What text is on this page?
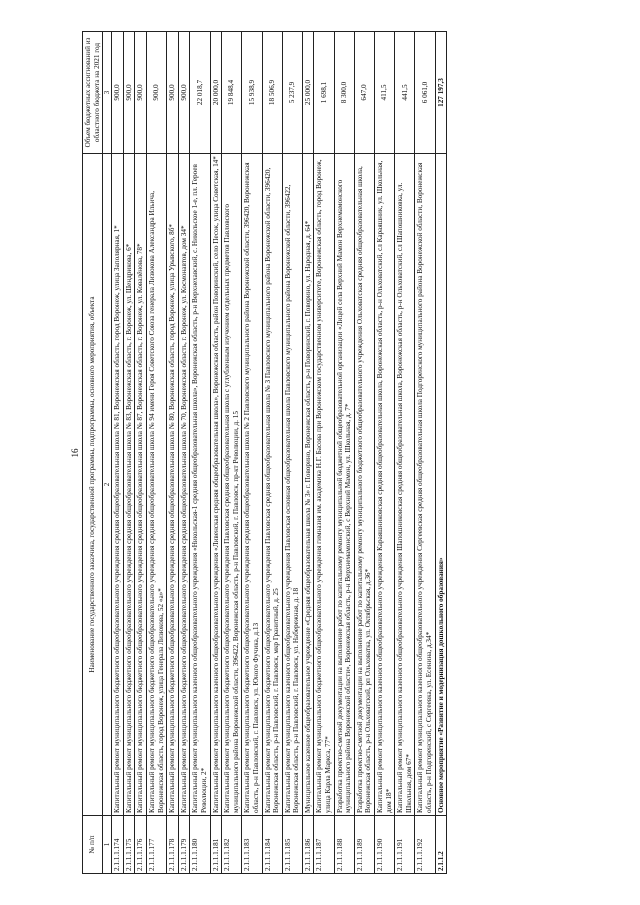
16
№ п/п	Наименование государственного заказчика, государственной программы, подпрограммы, основного мероприятия, объекта	Объем бюджетных ассигнований из областного бюджета на 2021 год
1	2	3
2.1.1.1.174	Капитальный ремонт муниципального бюджетного общеобразовательного учреждения средняя общеобразовательная школа № 81, Воронежская область, город Воронеж, улица Заполярная, 1*	900,0
2.1.1.1.175	Капитальный ремонт муниципального бюджетного общеобразовательного учреждения средняя общеобразовательная школа № 83, Воронежская область, г. Воронеж, ул. Шендрикова, 6*	900,0
2.1.1.1.176	Капитальный ремонт муниципального бюджетного общеобразовательного учреждения средняя общеобразовательная школа № 87, Воронежская область, г. Воронеж, ул. Ковалёнова, 78*	900,0
2.1.1.1.177	Капитальный ремонт муниципального бюджетного общеобразовательного учреждения средняя общеобразовательная школа № 94 имени Героя Советского Союза генерала Лизюкова Александра Ильича, Воронежская область, город Воронеж, улица Генерала Лизюкова, 52 «а»*	900,0
2.1.1.1.178	Капитальный ремонт муниципального бюджетного общеобразовательного учреждения средняя общеобразовательная школа № 80, Воронежская область, город Воронеж, улица Урывского, 8б*	900,0
2.1.1.1.179	Капитальный ремонт муниципального бюджетного общеобразовательного учреждения средняя общеобразовательная школа № 70, Воронежская область, г. Воронеж, ул. Космонавтов, дом 34*	900,0
2.1.1.1.180	Капитальный ремонт муниципального казенного общеобразовательного учреждения «Никольская-1 средняя общеобразовательная школа», Воронежская область, р-н Верхнехавский, с. Никольское 1-е, пл. Героев Революции, 2*	22 018,7
2.1.1.1.181	Капитальный ремонт муниципального казенного общеобразовательного учреждения «Ливенская средняя общеобразовательная школа», Воронежская область, район Поворинский, село Песок, улица Советская, 14*	20 000,0
2.1.1.1.182	Капитальный ремонт муниципального бюджетного общеобразовательного учреждения Павловская средняя общеобразовательная школа с углубленным изучением отдельных предметов Павловского муниципального района Воронежской области, 396422, Воронежская область, р-н Павловский, г. Павловск, пр-кт Революции, д. 15	19 848,4
2.1.1.1.183	Капитальный ремонт муниципального бюджетного общеобразовательного учреждения средняя общеобразовательная школа № 2 Павловского муниципального района Воронежской области, 396420, Воронежская область, р-н Павловский, г. Павловск, ул. Юного Фучика, д.13	15 938,9
2.1.1.1.184	Капитальный ремонт муниципального бюджетного общеобразовательного учреждения Павловская средняя общеобразовательная школа № 3 Павловского муниципального района Воронежской области, 396420, Воронежская область, р-н Павловский, г. Павловск, мкр Гранитный, д. 25	18 506,9
2.1.1.1.185	Капитальный ремонт муниципального казенного общеобразовательного учреждения Павловская основная общеобразовательная школа Павловского муниципального района Воронежской области, 396422, Воронежская область, р-н Павловский, г. Павловск, ул. Набережная, д. 18	5 237,9
2.1.1.1.186	Муниципальное казенное общеобразовательное учреждение «Средняя общеобразовательная школа № 3» г. Поворино, Воронежская область, р-н Поворинский, г. Поворино, ул. Народная, д. 64*	25 000,0
2.1.1.1.187	Капитальный ремонт муниципального бюджетного общеобразовательного учреждения гимназия им. академика Н.Г. Басова при Воронежском государственном университете, Воронежская область, город Воронеж, улица Карла Маркса, 77*	1 698,1
2.1.1.1.188	Разработка проектно-сметной документации на выполнение работ по капитальному ремонту муниципальной бюджетной общеобразовательной организации «Лицей села Верхний Мамон Верхнемамонского муниципального района Воронежской области», Воронежская область, р-н Верхнемамонский, с Верхний Мамон, ул. Школьная, д. 7*	8 300,0
2.1.1.1.189	Разработка проектно-сметной документации на выполнение работ по капитальному ремонту муниципального бюджетного общеобразовательного учреждения Ольховатская средняя общеобразовательная школа, Воронежская область, р-н Ольховатский, рп Ольховатка, ул. Октябрьская, д.36*	647,0
2.1.1.1.190	Капитальный ремонт муниципального казенного общеобразовательного учреждения Караяшниковская средняя общеобразовательная школа, Воронежская область, р-н Ольховатский, сл Караяшник, ул. Школьная, дом 18*	411,5
2.1.1.1.191	Капитальный ремонт муниципального казенного общеобразовательного учреждения Шапошниковская средняя общеобразовательная школа, Воронежская область, р-н Ольховатский, сл Шапошниковка, ул. Школьная, дом 67*	441,5
2.1.1.1.192	Капитальный ремонт муниципального казенного общеобразовательного учреждения Сергеевская средняя общеобразовательная школа Подгоренского муниципального района Воронежской области, Воронежская область, р-н Подгоренский, с Сергеевка, ул. Есенина, д.34*	6 061,0
2.1.1.2	Основное мероприятие «Развитие и модернизация дошкольного образования»	127 197,3
